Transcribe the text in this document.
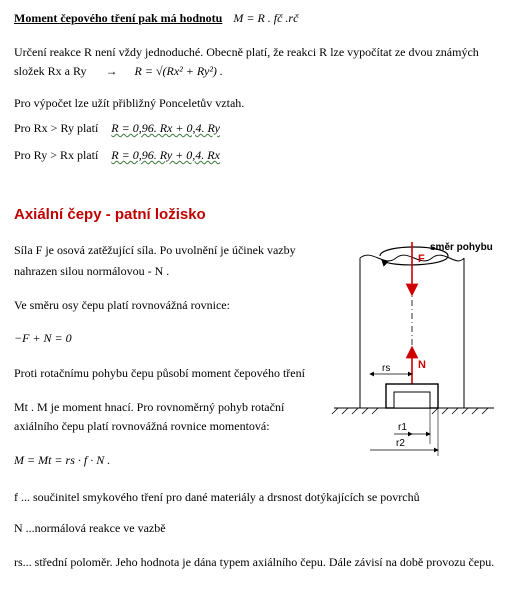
Moment čepového tření pak má hodnotu M = R . fč .rč
Určení reakce R není vždy jednoduché. Obecně platí, že reakci R lze vypočítat ze dvou známých
složek Rx a Ry → R = √(Rx² + Ry²) .
Pro výpočet lze užít přibližný Ponceletův vztah.
Pro Rx > Ry platí R = 0,96. Rx + 0,4. Ry
Pro Ry > Rx platí R = 0,96. Ry + 0,4. Rx
Axiální čepy - patní ložisko
Síla F je osová zatěžující síla. Po uvolnění je účinek vazby
nahrazen silou normálovou - N .
Ve směru osy čepu platí rovnovážná rovnice:
−F + N = 0
Proti rotačnímu pohybu čepu působí moment čepového tření
Mt . M je moment hnací. Pro rovnoměrný pohyb rotační
axiálního čepu platí rovnovážná rovnice momentová:
M = Mt = rs · f · N .
f ... součinitel smykového tření pro dané materiály a drsnost dotýkajících se povrchů
N ...normálová reakce ve vazbě
rs... střední poloměr. Jeho hodnota je dána typem axiálního čepu. Dále závisí na době provozu čepu.
F
směr pohybu
N
rs
r1
r2
